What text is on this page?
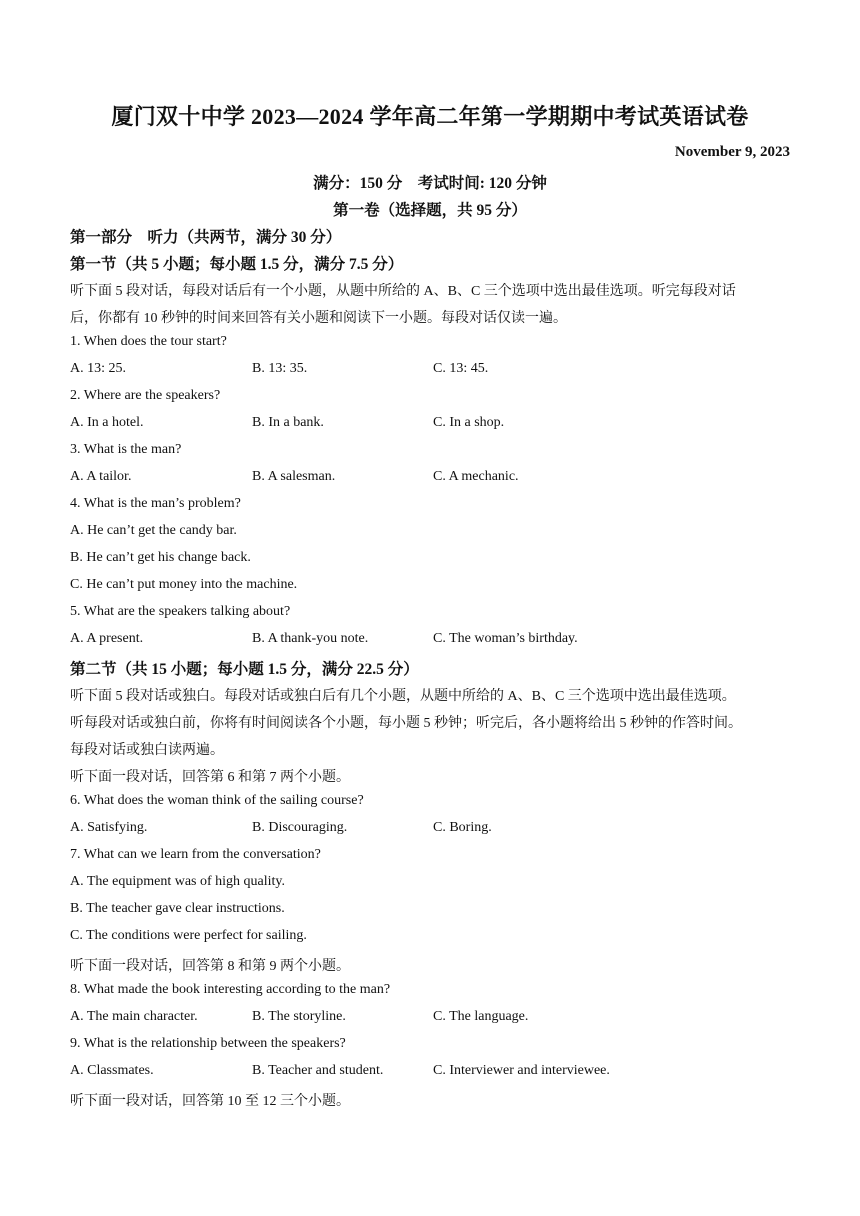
厦门双十中学 2023—2024 学年高二年第一学期期中考试英语试卷
November 9, 2023
满分：150 分　考试时间: 120 分钟
第一卷（选择题，共 95 分）
第一部分　听力（共两节，满分 30 分）
第一节（共 5 小题；每小题 1.5 分，满分 7.5 分）
听下面 5 段对话，每段对话后有一个小题，从题中所给的 A、B、C 三个选项中选出最佳选项。听完每段对话
后，你都有 10 秒钟的时间来回答有关小题和阅读下一小题。每段对话仅读一遍。
1. When does the tour start?
A. 13: 25.	B. 13: 35.	C. 13: 45.
2. Where are the speakers?
A. In a hotel.	B. In a bank.	C. In a shop.
3. What is the man?
A. A tailor.	B. A salesman.	C. A mechanic.
4. What is the man’s problem?
A. He can’t get the candy bar.
B. He can’t get his change back.
C. He can’t put money into the machine.
5. What are the speakers talking about?
A. A present.	B. A thank-you note.	C. The woman’s birthday.
第二节（共 15 小题；每小题 1.5 分，满分 22.5 分）
听下面 5 段对话或独白。每段对话或独白后有几个小题，从题中所给的 A、B、C 三个选项中选出最佳选项。
听每段对话或独白前，你将有时间阅读各个小题，每小题 5 秒钟；听完后，各小题将给出 5 秒钟的作答时间。
每段对话或独白读两遍。
听下面一段对话，回答第 6 和第 7 两个小题。
6. What does the woman think of the sailing course?
A. Satisfying.	B. Discouraging.	C. Boring.
7. What can we learn from the conversation?
A. The equipment was of high quality.
B. The teacher gave clear instructions.
C. The conditions were perfect for sailing.
听下面一段对话，回答第 8 和第 9 两个小题。
8. What made the book interesting according to the man?
A. The main character.	B. The storyline.	C. The language.
9. What is the relationship between the speakers?
A. Classmates.	B. Teacher and student.	C. Interviewer and interviewee.
听下面一段对话，回答第 10 至 12 三个小题。
